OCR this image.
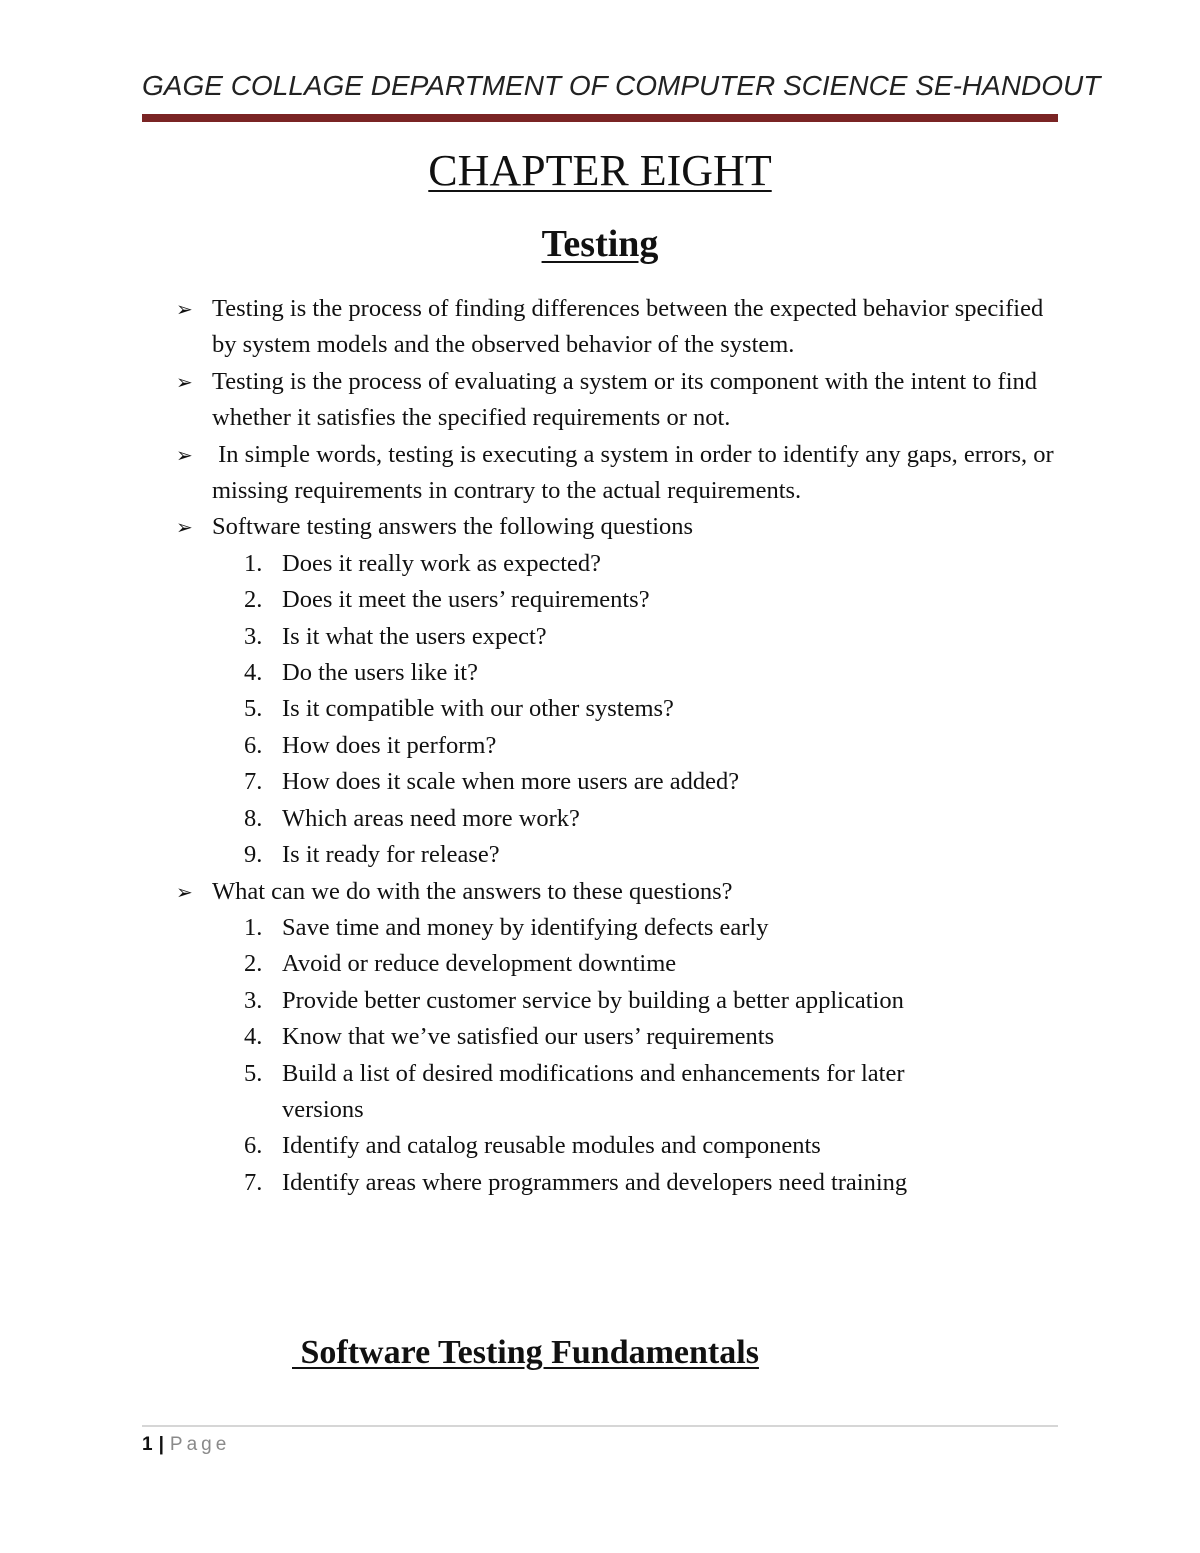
GAGE COLLAGE DEPARTMENT OF COMPUTER SCIENCE SE-HANDOUT
CHAPTER EIGHT
Testing
➢ Testing is the process of finding differences between the expected behavior specified by system models and the observed behavior of the system.
➢ Testing is the process of evaluating a system or its component with the intent to find whether it satisfies the specified requirements or not.
➢ In simple words, testing is executing a system in order to identify any gaps, errors, or missing requirements in contrary to the actual requirements.
➢ Software testing answers the following questions
1. Does it really work as expected?
2. Does it meet the users’ requirements?
3. Is it what the users expect?
4. Do the users like it?
5. Is it compatible with our other systems?
6. How does it perform?
7. How does it scale when more users are added?
8. Which areas need more work?
9. Is it ready for release?
➢ What can we do with the answers to these questions?
1. Save time and money by identifying defects early
2. Avoid or reduce development downtime
3. Provide better customer service by building a better application
4. Know that we’ve satisfied our users’ requirements
5. Build a list of desired modifications and enhancements for later versions
6. Identify and catalog reusable modules and components
7. Identify areas where programmers and developers need training
Software Testing Fundamentals
1 | Page
